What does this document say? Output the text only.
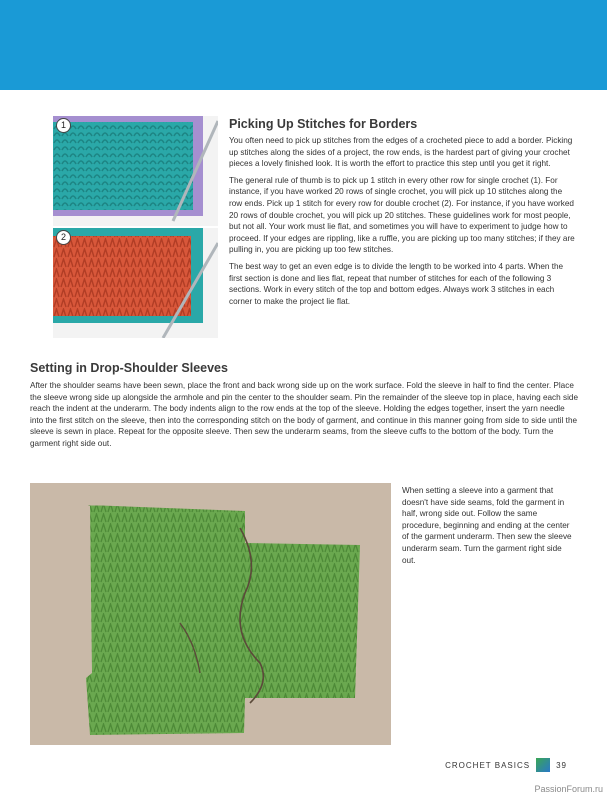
1
2
Picking Up Stitches for Borders

You often need to pick up stitches from the edges of a crocheted piece to add a border. Picking up stitches along the sides of a project, the row ends, is the hardest part of giving your crochet pieces a lovely finished look. It is worth the effort to practice this step until you get it right.

The general rule of thumb is to pick up 1 stitch in every other row for single crochet (1). For instance, if you have worked 20 rows of single crochet, you will pick up 10 stitches along the row ends. Pick up 1 stitch for every row for double crochet (2). For instance, if you have worked 20 rows of double crochet, you will pick up 20 stitches. These guidelines work for most people, but not all. Your work must lie flat, and sometimes you will have to experiment to judge how to proceed. If your edges are rippling, like a ruffle, you are picking up too many stitches; if they are pulling in, you are picking up too few stitches.

The best way to get an even edge is to divide the length to be worked into 4 parts. When the first section is done and lies flat, repeat that number of stitches for each of the following 3 sections. Work in every stitch of the top and bottom edges. Always work 3 stitches in each corner to make the project lie flat.

Setting in Drop-Shoulder Sleeves

After the shoulder seams have been sewn, place the front and back wrong side up on the work surface. Fold the sleeve in half to find the center. Place the sleeve wrong side up alongside the armhole and pin the center to the shoulder seam. Pin the remainder of the sleeve top in place, having each side reach the indent at the underarm. The body indents align to the row ends at the top of the sleeve. Holding the edges together, insert the yarn needle into the first stitch on the sleeve, then into the corresponding stitch on the body of garment, and continue in this manner going from side to side until the sleeve is sewn in place. Repeat for the opposite sleeve. Then sew the underarm seams, from the sleeve cuffs to the bottom of the body. Turn the garment right side out.

When setting a sleeve into a garment that doesn't have side seams, fold the garment in half, wrong side out. Follow the same procedure, beginning and ending at the center of the garment underarm. Then sew the sleeve underarm seam. Turn the garment right side out.

CROCHET BASICS	39
PassionForum.ru
